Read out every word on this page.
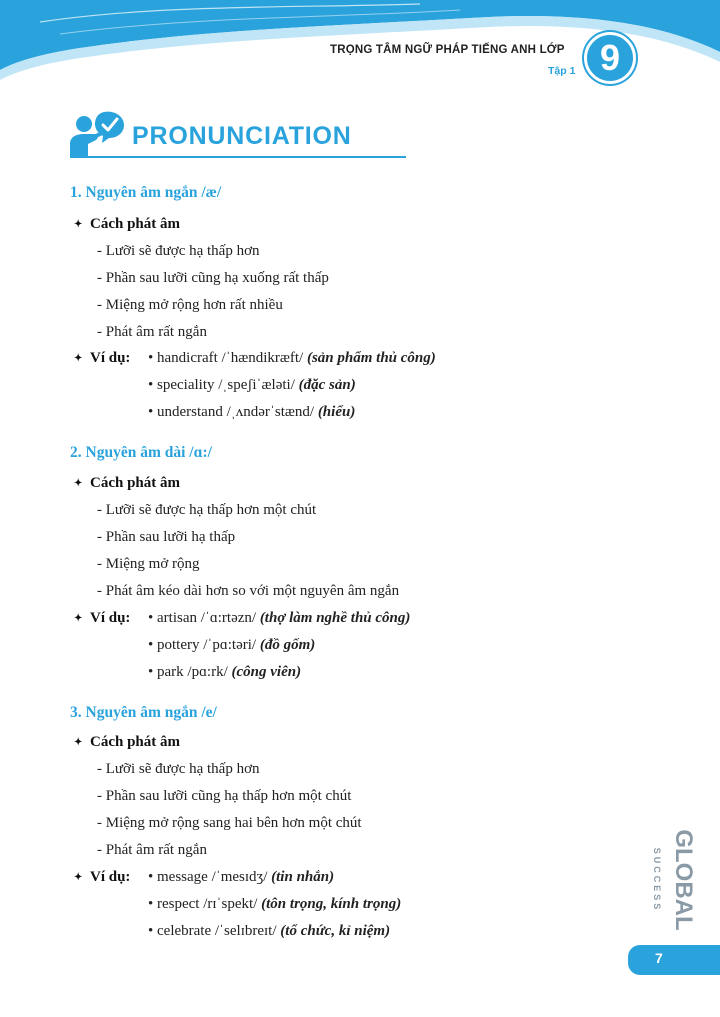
TRỌNG TÂM NGỮ PHÁP TIẾNG ANH LỚP
Tập 1 9
PRONUNCIATION
1. Nguyên âm ngắn /æ/
✦ Cách phát âm
- Lưỡi sẽ được hạ thấp hơn
- Phần sau lưỡi cũng hạ xuống rất thấp
- Miệng mở rộng hơn rất nhiều
- Phát âm rất ngắn
✦ Ví dụ: • handicraft /ˈhændikræft/ (sản phẩm thủ công)
• speciality /ˌspeʃiˈæləti/ (đặc sản)
• understand /ˌʌndərˈstænd/ (hiểu)
2. Nguyên âm dài /ɑ:/
✦ Cách phát âm
- Lưỡi sẽ được hạ thấp hơn một chút
- Phần sau lưỡi hạ thấp
- Miệng mở rộng
- Phát âm kéo dài hơn so với một nguyên âm ngắn
✦ Ví dụ: • artisan /ˈɑ:rtəzn/ (thợ làm nghề thủ công)
• pottery /ˈpɑ:təri/ (đồ gốm)
• park /pɑ:rk/ (công viên)
3. Nguyên âm ngắn /e/
✦ Cách phát âm
- Lưỡi sẽ được hạ thấp hơn
- Phần sau lưỡi cũng hạ thấp hơn một chút
- Miệng mở rộng sang hai bên hơn một chút
- Phát âm rất ngắn
✦ Ví dụ: • message /ˈmesɪdʒ/ (tin nhắn)
• respect /rɪˈspekt/ (tôn trọng, kính trọng)
• celebrate /ˈselɪbreɪt/ (tổ chức, kỉ niệm)
GLOBAL
SUCCESS
7
